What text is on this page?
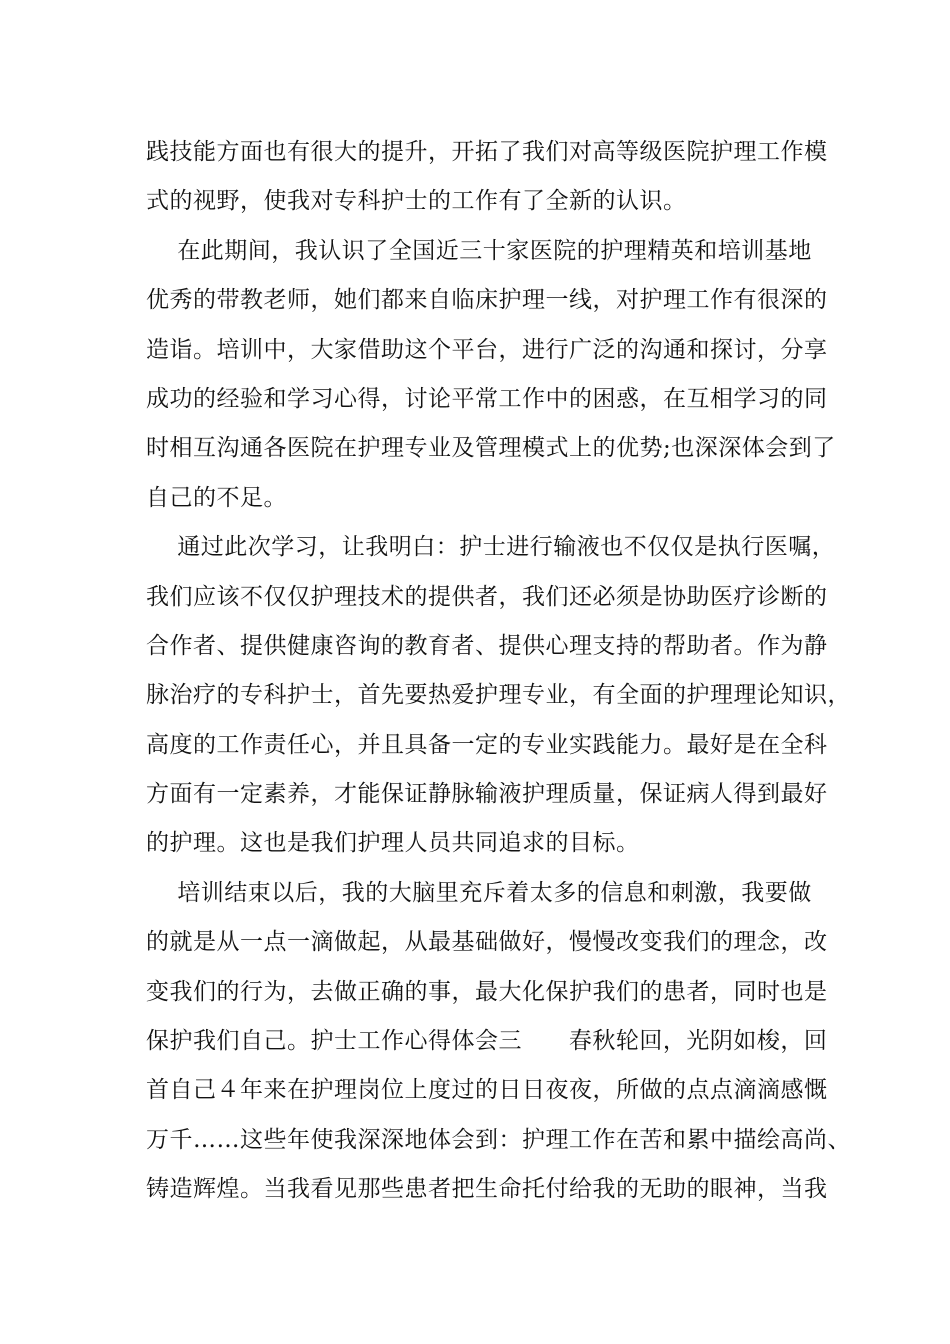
践技能方面也有很大的提升，开拓了我们对高等级医院护理工作模
式的视野，使我对专科护士的工作有了全新的认识。
在此期间，我认识了全国近三十家医院的护理精英和培训基地
优秀的带教老师，她们都来自临床护理一线，对护理工作有很深的
造诣。培训中，大家借助这个平台，进行广泛的沟通和探讨，分享
成功的经验和学习心得，讨论平常工作中的困惑，在互相学习的同
时相互沟通各医院在护理专业及管理模式上的优势;也深深体会到了
自己的不足。
通过此次学习，让我明白：护士进行输液也不仅仅是执行医嘱，
我们应该不仅仅护理技术的提供者，我们还必须是协助医疗诊断的
合作者、提供健康咨询的教育者、提供心理支持的帮助者。作为静
脉治疗的专科护士，首先要热爱护理专业，有全面的护理理论知识，
高度的工作责任心，并且具备一定的专业实践能力。最好是在全科
方面有一定素养，才能保证静脉输液护理质量，保证病人得到最好
的护理。这也是我们护理人员共同追求的目标。
培训结束以后，我的大脑里充斥着太多的信息和刺激，我要做
的就是从一点一滴做起，从最基础做好，慢慢改变我们的理念，改
变我们的行为，去做正确的事，最大化保护我们的患者，同时也是
保护我们自己。护士工作心得体会三      春秋轮回，光阴如梭，回
首自己４年来在护理岗位上度过的日日夜夜，所做的点点滴滴感慨
万千……这些年使我深深地体会到：护理工作在苦和累中描绘高尚、
铸造辉煌。当我看见那些患者把生命托付给我的无助的眼神，当我
